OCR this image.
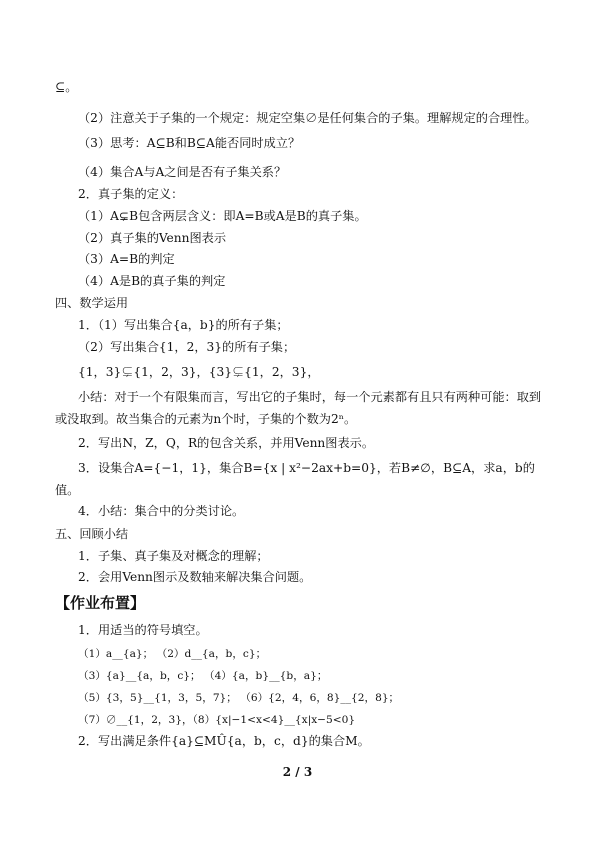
⊆。
（2）注意关于子集的一个规定：规定空集∅是任何集合的子集。理解规定的合理性。
（3）思考：A⊆B和B⊆A能否同时成立？
（4）集合A与A之间是否有子集关系？
2．真子集的定义：
（1）A⊊B包含两层含义：即A=B或A是B的真子集。
（2）真子集的Venn图表示
（3）A=B的判定
（4）A是B的真子集的判定
四、数学运用
1．（1）写出集合{a，b}的所有子集；
（2）写出集合{1，2，3}的所有子集；
{1，3}⊊{1，2，3}，{3}⊊{1，2，3}，
小结：对于一个有限集而言，写出它的子集时，每一个元素都有且只有两种可能：取到
或没取到。故当集合的元素为n个时，子集的个数为2ⁿ。
2．写出N，Z，Q，R的包含关系，并用Venn图表示。
3．设集合A={−1，1}，集合B={x | x²−2ax+b=0}，若B≠∅，B⊆A，求a，b的
值。
4．小结：集合中的分类讨论。
五、回顾小结
1．子集、真子集及对概念的理解；
2．会用Venn图示及数轴来解决集合问题。
【作业布置】
1．用适当的符号填空。
（1）a__{a}； （2）d__{a，b，c}；
（3）{a}__{a，b，c}； （4）{a，b}__{b，a}；
（5）{3，5}__{1，3，5，7}； （6）{2，4，6，8}__{2，8}；
（7）∅__{1，2，3}，（8）{x|−1<x<4}__{x|x−5<0}
2．写出满足条件{a}⊆MÛ{a，b，c，d}的集合M。
2 / 3
